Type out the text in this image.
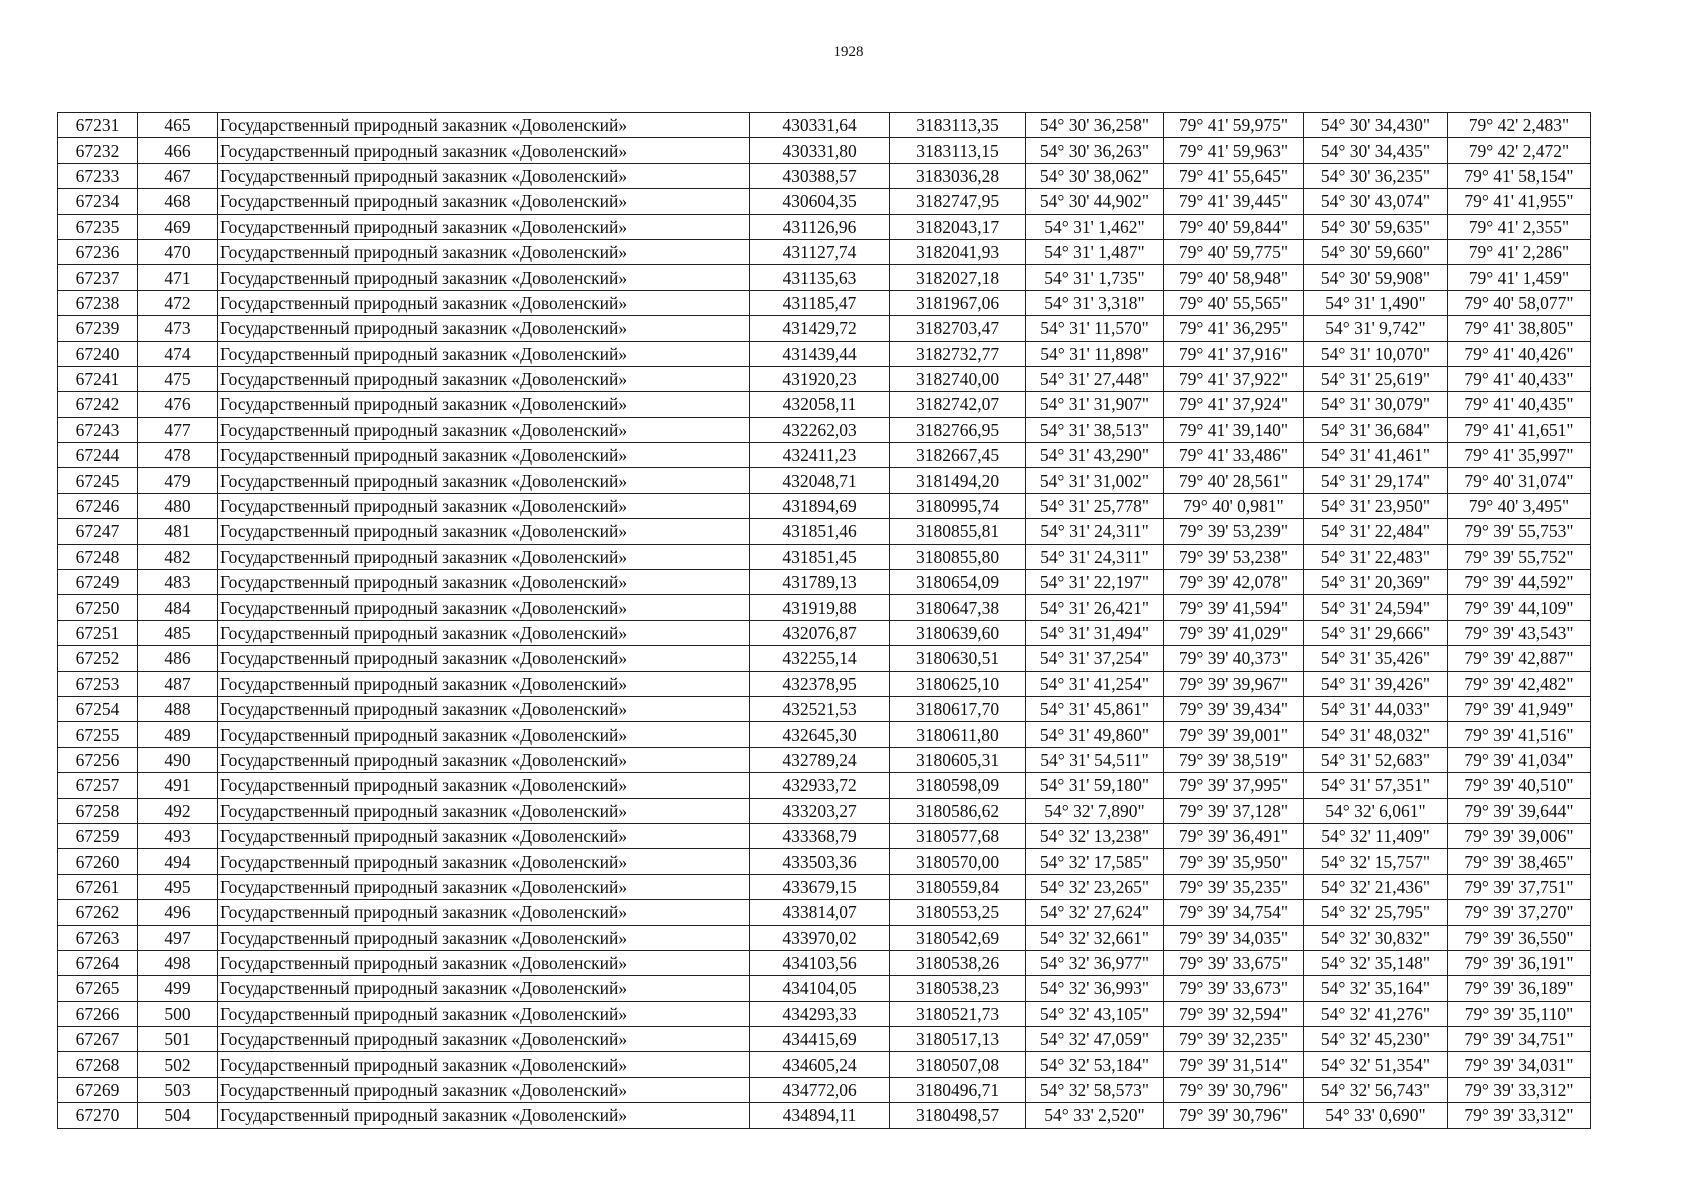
1928
67231	465	Государственный природный заказник «Доволенский»	430331,64	3183113,35	54° 30' 36,258"	79° 41' 59,975"	54° 30' 34,430"	79° 42' 2,483"
67232	466	Государственный природный заказник «Доволенский»	430331,80	3183113,15	54° 30' 36,263"	79° 41' 59,963"	54° 30' 34,435"	79° 42' 2,472"
67233	467	Государственный природный заказник «Доволенский»	430388,57	3183036,28	54° 30' 38,062"	79° 41' 55,645"	54° 30' 36,235"	79° 41' 58,154"
67234	468	Государственный природный заказник «Доволенский»	430604,35	3182747,95	54° 30' 44,902"	79° 41' 39,445"	54° 30' 43,074"	79° 41' 41,955"
67235	469	Государственный природный заказник «Доволенский»	431126,96	3182043,17	54° 31' 1,462"	79° 40' 59,844"	54° 30' 59,635"	79° 41' 2,355"
67236	470	Государственный природный заказник «Доволенский»	431127,74	3182041,93	54° 31' 1,487"	79° 40' 59,775"	54° 30' 59,660"	79° 41' 2,286"
67237	471	Государственный природный заказник «Доволенский»	431135,63	3182027,18	54° 31' 1,735"	79° 40' 58,948"	54° 30' 59,908"	79° 41' 1,459"
67238	472	Государственный природный заказник «Доволенский»	431185,47	3181967,06	54° 31' 3,318"	79° 40' 55,565"	54° 31' 1,490"	79° 40' 58,077"
67239	473	Государственный природный заказник «Доволенский»	431429,72	3182703,47	54° 31' 11,570"	79° 41' 36,295"	54° 31' 9,742"	79° 41' 38,805"
67240	474	Государственный природный заказник «Доволенский»	431439,44	3182732,77	54° 31' 11,898"	79° 41' 37,916"	54° 31' 10,070"	79° 41' 40,426"
67241	475	Государственный природный заказник «Доволенский»	431920,23	3182740,00	54° 31' 27,448"	79° 41' 37,922"	54° 31' 25,619"	79° 41' 40,433"
67242	476	Государственный природный заказник «Доволенский»	432058,11	3182742,07	54° 31' 31,907"	79° 41' 37,924"	54° 31' 30,079"	79° 41' 40,435"
67243	477	Государственный природный заказник «Доволенский»	432262,03	3182766,95	54° 31' 38,513"	79° 41' 39,140"	54° 31' 36,684"	79° 41' 41,651"
67244	478	Государственный природный заказник «Доволенский»	432411,23	3182667,45	54° 31' 43,290"	79° 41' 33,486"	54° 31' 41,461"	79° 41' 35,997"
67245	479	Государственный природный заказник «Доволенский»	432048,71	3181494,20	54° 31' 31,002"	79° 40' 28,561"	54° 31' 29,174"	79° 40' 31,074"
67246	480	Государственный природный заказник «Доволенский»	431894,69	3180995,74	54° 31' 25,778"	79° 40' 0,981"	54° 31' 23,950"	79° 40' 3,495"
67247	481	Государственный природный заказник «Доволенский»	431851,46	3180855,81	54° 31' 24,311"	79° 39' 53,239"	54° 31' 22,484"	79° 39' 55,753"
67248	482	Государственный природный заказник «Доволенский»	431851,45	3180855,80	54° 31' 24,311"	79° 39' 53,238"	54° 31' 22,483"	79° 39' 55,752"
67249	483	Государственный природный заказник «Доволенский»	431789,13	3180654,09	54° 31' 22,197"	79° 39' 42,078"	54° 31' 20,369"	79° 39' 44,592"
67250	484	Государственный природный заказник «Доволенский»	431919,88	3180647,38	54° 31' 26,421"	79° 39' 41,594"	54° 31' 24,594"	79° 39' 44,109"
67251	485	Государственный природный заказник «Доволенский»	432076,87	3180639,60	54° 31' 31,494"	79° 39' 41,029"	54° 31' 29,666"	79° 39' 43,543"
67252	486	Государственный природный заказник «Доволенский»	432255,14	3180630,51	54° 31' 37,254"	79° 39' 40,373"	54° 31' 35,426"	79° 39' 42,887"
67253	487	Государственный природный заказник «Доволенский»	432378,95	3180625,10	54° 31' 41,254"	79° 39' 39,967"	54° 31' 39,426"	79° 39' 42,482"
67254	488	Государственный природный заказник «Доволенский»	432521,53	3180617,70	54° 31' 45,861"	79° 39' 39,434"	54° 31' 44,033"	79° 39' 41,949"
67255	489	Государственный природный заказник «Доволенский»	432645,30	3180611,80	54° 31' 49,860"	79° 39' 39,001"	54° 31' 48,032"	79° 39' 41,516"
67256	490	Государственный природный заказник «Доволенский»	432789,24	3180605,31	54° 31' 54,511"	79° 39' 38,519"	54° 31' 52,683"	79° 39' 41,034"
67257	491	Государственный природный заказник «Доволенский»	432933,72	3180598,09	54° 31' 59,180"	79° 39' 37,995"	54° 31' 57,351"	79° 39' 40,510"
67258	492	Государственный природный заказник «Доволенский»	433203,27	3180586,62	54° 32' 7,890"	79° 39' 37,128"	54° 32' 6,061"	79° 39' 39,644"
67259	493	Государственный природный заказник «Доволенский»	433368,79	3180577,68	54° 32' 13,238"	79° 39' 36,491"	54° 32' 11,409"	79° 39' 39,006"
67260	494	Государственный природный заказник «Доволенский»	433503,36	3180570,00	54° 32' 17,585"	79° 39' 35,950"	54° 32' 15,757"	79° 39' 38,465"
67261	495	Государственный природный заказник «Доволенский»	433679,15	3180559,84	54° 32' 23,265"	79° 39' 35,235"	54° 32' 21,436"	79° 39' 37,751"
67262	496	Государственный природный заказник «Доволенский»	433814,07	3180553,25	54° 32' 27,624"	79° 39' 34,754"	54° 32' 25,795"	79° 39' 37,270"
67263	497	Государственный природный заказник «Доволенский»	433970,02	3180542,69	54° 32' 32,661"	79° 39' 34,035"	54° 32' 30,832"	79° 39' 36,550"
67264	498	Государственный природный заказник «Доволенский»	434103,56	3180538,26	54° 32' 36,977"	79° 39' 33,675"	54° 32' 35,148"	79° 39' 36,191"
67265	499	Государственный природный заказник «Доволенский»	434104,05	3180538,23	54° 32' 36,993"	79° 39' 33,673"	54° 32' 35,164"	79° 39' 36,189"
67266	500	Государственный природный заказник «Доволенский»	434293,33	3180521,73	54° 32' 43,105"	79° 39' 32,594"	54° 32' 41,276"	79° 39' 35,110"
67267	501	Государственный природный заказник «Доволенский»	434415,69	3180517,13	54° 32' 47,059"	79° 39' 32,235"	54° 32' 45,230"	79° 39' 34,751"
67268	502	Государственный природный заказник «Доволенский»	434605,24	3180507,08	54° 32' 53,184"	79° 39' 31,514"	54° 32' 51,354"	79° 39' 34,031"
67269	503	Государственный природный заказник «Доволенский»	434772,06	3180496,71	54° 32' 58,573"	79° 39' 30,796"	54° 32' 56,743"	79° 39' 33,312"
67270	504	Государственный природный заказник «Доволенский»	434894,11	3180498,57	54° 33' 2,520"	79° 39' 30,796"	54° 33' 0,690"	79° 39' 33,312"
